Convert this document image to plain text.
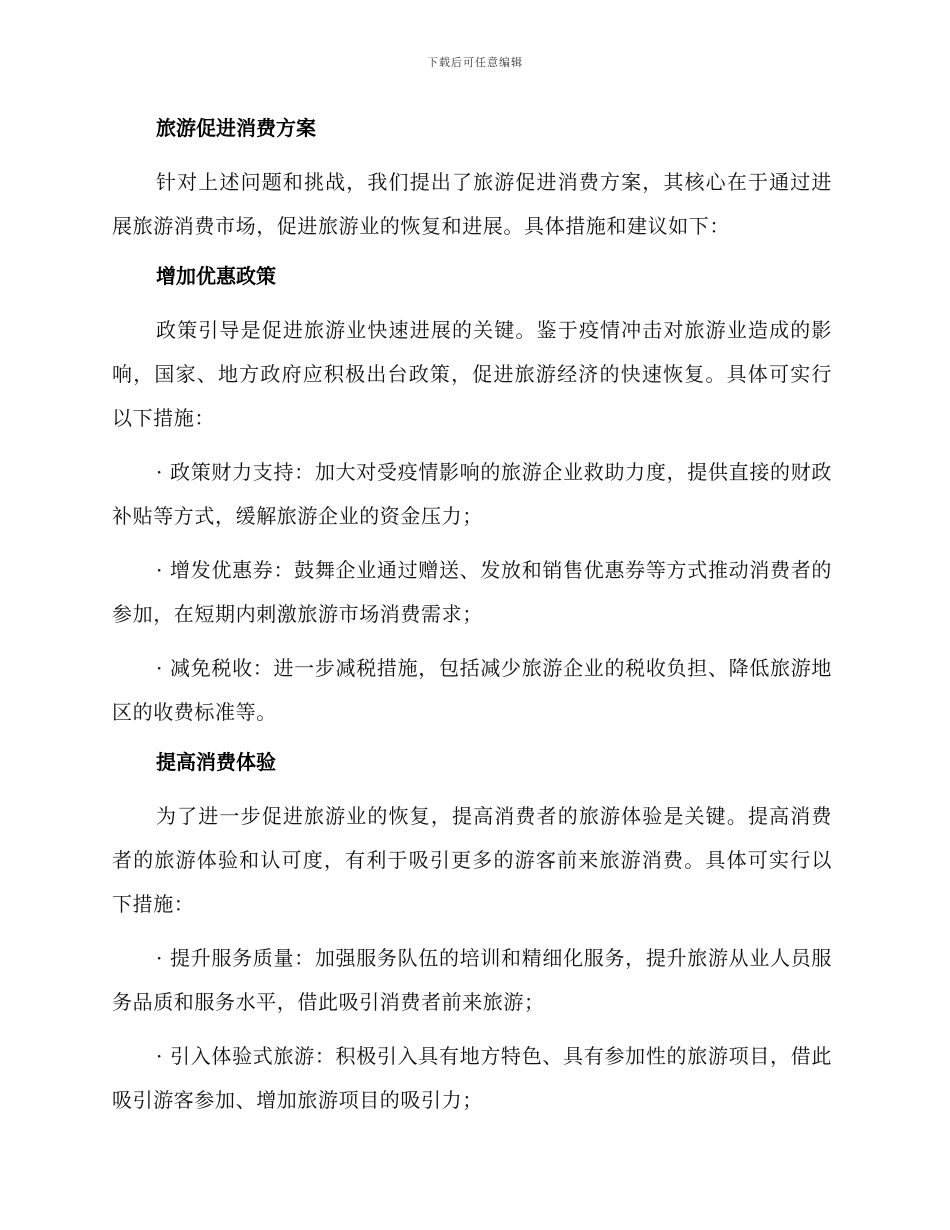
下载后可任意编辑
旅游促进消费方案

针对上述问题和挑战，我们提出了旅游促进消费方案，其核心在于通过进展旅游消费市场，促进旅游业的恢复和进展。具体措施和建议如下：

增加优惠政策

政策引导是促进旅游业快速进展的关键。鉴于疫情冲击对旅游业造成的影响，国家、地方政府应积极出台政策，促进旅游经济的快速恢复。具体可实行以下措施：

· 政策财力支持：加大对受疫情影响的旅游企业救助力度，提供直接的财政补贴等方式，缓解旅游企业的资金压力；

· 增发优惠券：鼓舞企业通过赠送、发放和销售优惠券等方式推动消费者的参加，在短期内刺激旅游市场消费需求；

· 减免税收：进一步减税措施，包括减少旅游企业的税收负担、降低旅游地区的收费标准等。

提高消费体验

为了进一步促进旅游业的恢复，提高消费者的旅游体验是关键。提高消费者的旅游体验和认可度，有利于吸引更多的游客前来旅游消费。具体可实行以下措施：

· 提升服务质量：加强服务队伍的培训和精细化服务，提升旅游从业人员服务品质和服务水平，借此吸引消费者前来旅游；

· 引入体验式旅游：积极引入具有地方特色、具有参加性的旅游项目，借此吸引游客参加、增加旅游项目的吸引力；
